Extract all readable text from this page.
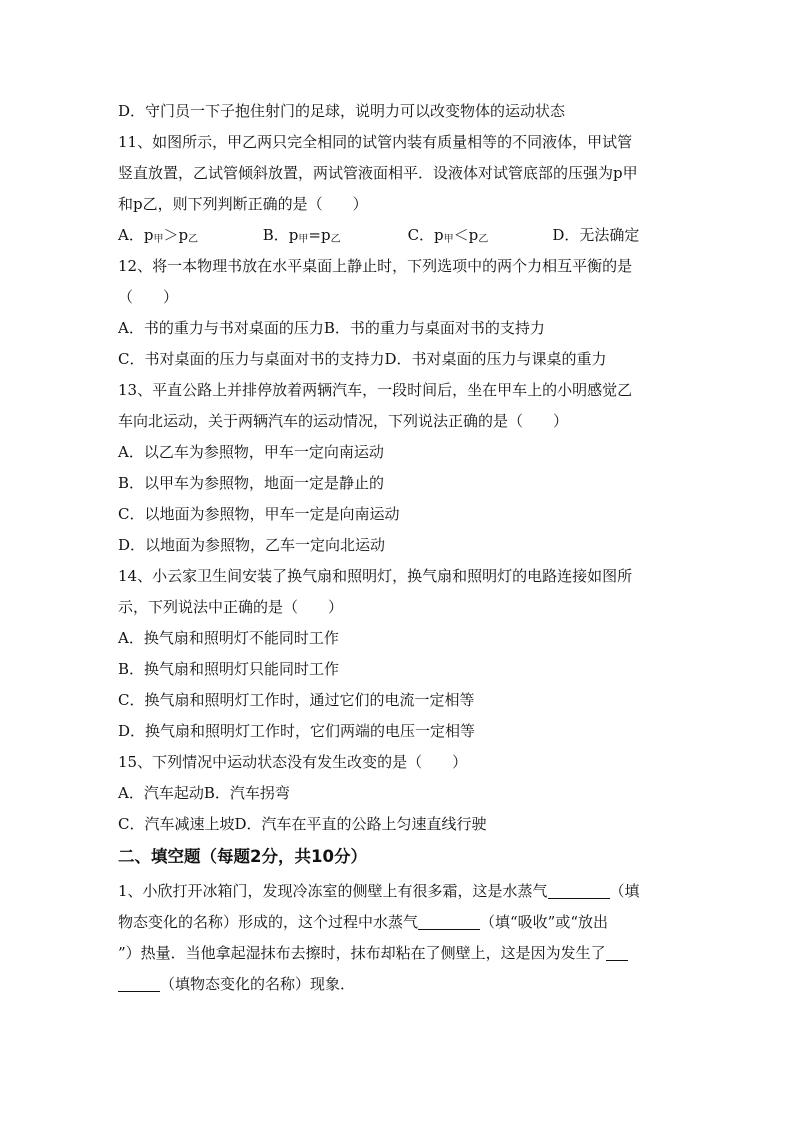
D．守门员一下子抱住射门的足球，说明力可以改变物体的运动状态
11、如图所示，甲乙两只完全相同的试管内装有质量相等的不同液体，甲试管
竖直放置，乙试管倾斜放置，两试管液面相平．设液体对试管底部的压强为p甲
和p乙，则下列判断正确的是（　　）
A．$p_甲>p_乙$	B．$p_甲=p_乙$	C．$p_甲<p_乙$	D．无法确定
12、将一本物理书放在水平桌面上静止时，下列选项中的两个力相互平衡的是
（　　）
A．书的重力与书对桌面的压力B．书的重力与桌面对书的支持力
C．书对桌面的压力与桌面对书的支持力D．书对桌面的压力与课桌的重力
13、平直公路上并排停放着两辆汽车，一段时间后，坐在甲车上的小明感觉乙
车向北运动，关于两辆汽车的运动情况，下列说法正确的是（　　）
A．以乙车为参照物，甲车一定向南运动
B．以甲车为参照物，地面一定是静止的
C．以地面为参照物，甲车一定是向南运动
D．以地面为参照物，乙车一定向北运动
14、小云家卫生间安装了换气扇和照明灯，换气扇和照明灯的电路连接如图所
示，下列说法中正确的是（　　）
A．换气扇和照明灯不能同时工作
B．换气扇和照明灯只能同时工作
C．换气扇和照明灯工作时，通过它们的电流一定相等
D．换气扇和照明灯工作时，它们两端的电压一定相等
15、下列情况中运动状态没有发生改变的是（　　）
A．汽车起动B．汽车拐弯
C．汽车减速上坡D．汽车在平直的公路上匀速直线行驶
二、填空题（每题2分，共10分）
1、小欣打开冰箱门，发现冷冻室的侧壁上有很多霜，这是水蒸气	（填
物态变化的名称）形成的，这个过程中水蒸气	（填“吸收”或“放出
”）热量．当他拿起湿抹布去擦时，抹布却粘在了侧壁上，这是因为发生了
（填物态变化的名称）现象．
